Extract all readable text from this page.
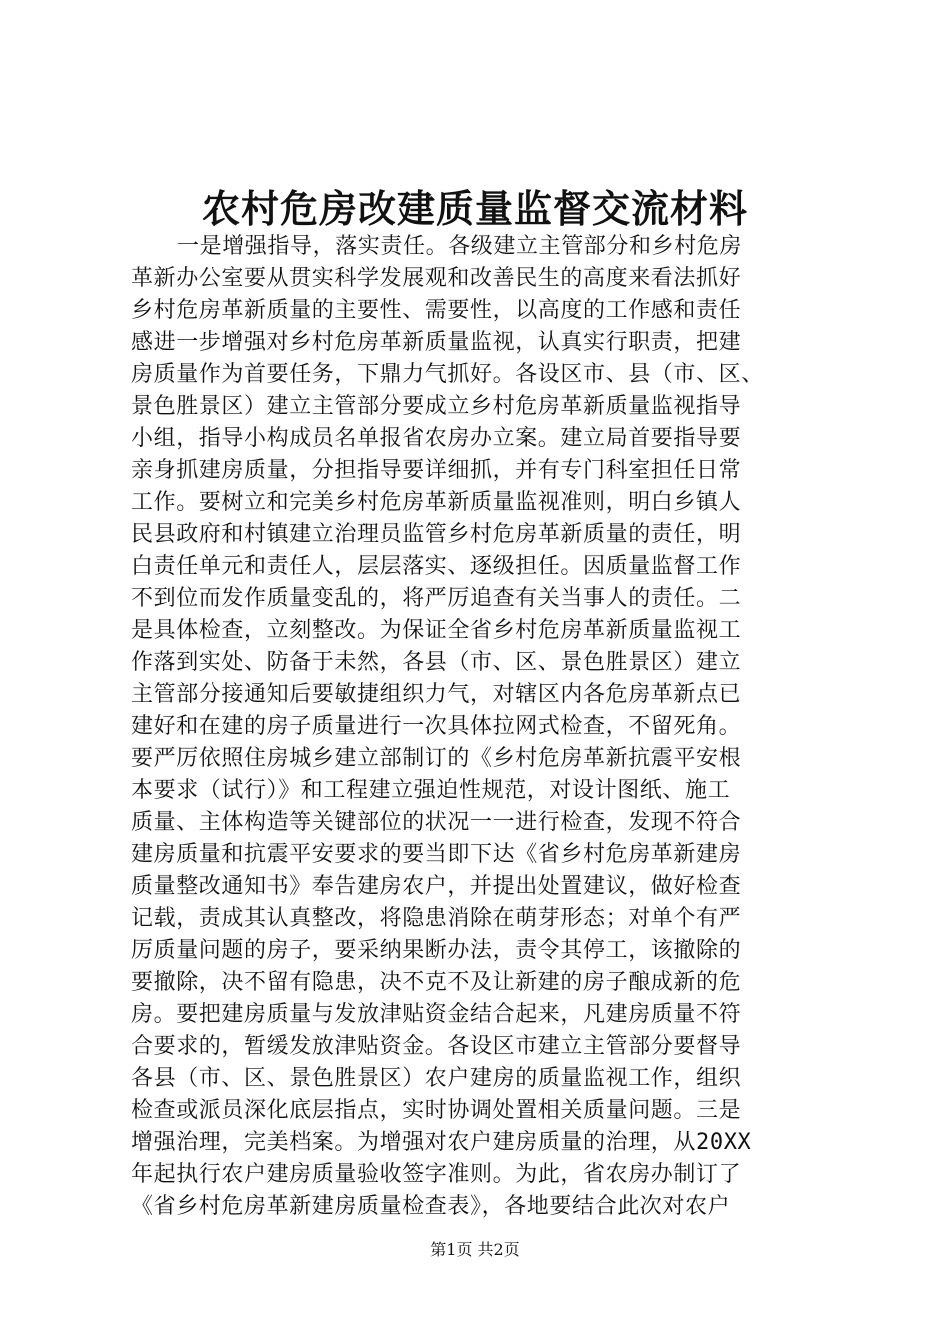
农村危房改建质量监督交流材料
一是增强指导，落实责任。各级建立主管部分和乡村危房
革新办公室要从贯实科学发展观和改善民生的高度来看法抓好
乡村危房革新质量的主要性、需要性，以高度的工作感和责任
感进一步增强对乡村危房革新质量监视，认真实行职责，把建
房质量作为首要任务，下鼎力气抓好。各设区市、县（市、区、
景色胜景区）建立主管部分要成立乡村危房革新质量监视指导
小组，指导小构成员名单报省农房办立案。建立局首要指导要
亲身抓建房质量，分担指导要详细抓，并有专门科室担任日常
工作。要树立和完美乡村危房革新质量监视准则，明白乡镇人
民县政府和村镇建立治理员监管乡村危房革新质量的责任，明
白责任单元和责任人，层层落实、逐级担任。因质量监督工作
不到位而发作质量变乱的，将严厉追查有关当事人的责任。二
是具体检查，立刻整改。为保证全省乡村危房革新质量监视工
作落到实处、防备于未然，各县（市、区、景色胜景区）建立
主管部分接通知后要敏捷组织力气，对辖区内各危房革新点已
建好和在建的房子质量进行一次具体拉网式检查，不留死角。
要严厉依照住房城乡建立部制订的《乡村危房革新抗震平安根
本要求（试行）》和工程建立强迫性规范，对设计图纸、施工
质量、主体构造等关键部位的状况一一进行检查，发现不符合
建房质量和抗震平安要求的要当即下达《省乡村危房革新建房
质量整改通知书》奉告建房农户，并提出处置建议，做好检查
记载，责成其认真整改，将隐患消除在萌芽形态；对单个有严
厉质量问题的房子，要采纳果断办法，责令其停工，该撤除的
要撤除，决不留有隐患，决不克不及让新建的房子酿成新的危
房。要把建房质量与发放津贴资金结合起来，凡建房质量不符
合要求的，暂缓发放津贴资金。各设区市建立主管部分要督导
各县（市、区、景色胜景区）农户建房的质量监视工作，组织
检查或派员深化底层指点，实时协调处置相关质量问题。三是
增强治理，完美档案。为增强对农户建房质量的治理，从20XX
年起执行农户建房质量验收签字准则。为此，省农房办制订了
《省乡村危房革新建房质量检查表》，各地要结合此次对农户
第1页 共2页
